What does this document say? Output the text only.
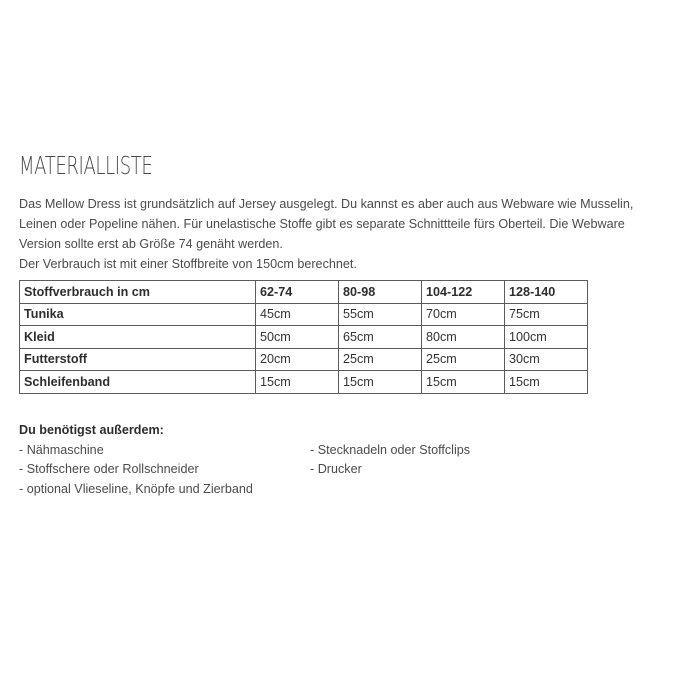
MATERIALLISTE

Das Mellow Dress ist grundsätzlich auf Jersey ausgelegt. Du kannst es aber auch aus Webware wie Musselin, Leinen oder Popeline nähen. Für unelastische Stoffe gibt es separate Schnittteile fürs Oberteil. Die Webware Version sollte erst ab Größe 74 genäht werden.

Der Verbrauch ist mit einer Stoffbreite von 150cm berechnet.

Stoffverbrauch in cm	62-74	80-98	104-122	128-140
Tunika	45cm	55cm	70cm	75cm
Kleid	50cm	65cm	80cm	100cm
Futterstoff	20cm	25cm	25cm	30cm
Schleifenband	15cm	15cm	15cm	15cm
Du benötigst außerdem:
- Nähmaschine
- Stoffschere oder Rollschneider
- optional Vlieseline, Knöpfe und Zierband
- Stecknadeln oder Stoffclips
- Drucker
